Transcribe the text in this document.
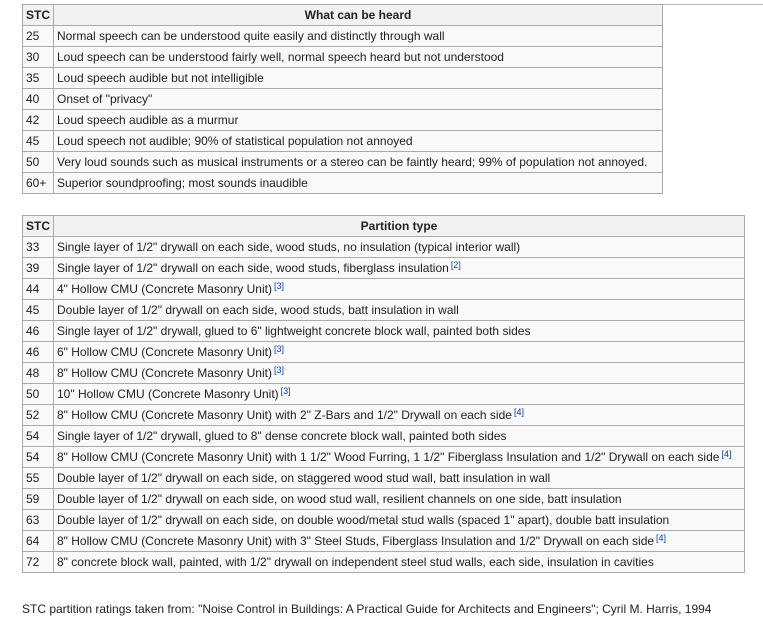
STC	What can be heard
25	Normal speech can be understood quite easily and distinctly through wall
30	Loud speech can be understood fairly well, normal speech heard but not understood
35	Loud speech audible but not intelligible
40	Onset of "privacy"
42	Loud speech audible as a murmur
45	Loud speech not audible; 90% of statistical population not annoyed
50	Very loud sounds such as musical instruments or a stereo can be faintly heard; 99% of population not annoyed.
60+	Superior soundproofing; most sounds inaudible
STC	Partition type
33	Single layer of 1/2" drywall on each side, wood studs, no insulation (typical interior wall)
39	Single layer of 1/2" drywall on each side, wood studs, fiberglass insulation [2]
44	4" Hollow CMU (Concrete Masonry Unit) [3]
45	Double layer of 1/2" drywall on each side, wood studs, batt insulation in wall
46	Single layer of 1/2" drywall, glued to 6" lightweight concrete block wall, painted both sides
46	6" Hollow CMU (Concrete Masonry Unit) [3]
48	8" Hollow CMU (Concrete Masonry Unit) [3]
50	10" Hollow CMU (Concrete Masonry Unit) [3]
52	8" Hollow CMU (Concrete Masonry Unit) with 2" Z-Bars and 1/2" Drywall on each side [4]
54	Single layer of 1/2" drywall, glued to 8" dense concrete block wall, painted both sides
54	8" Hollow CMU (Concrete Masonry Unit) with 1 1/2" Wood Furring, 1 1/2" Fiberglass Insulation and 1/2" Drywall on each side [4]
55	Double layer of 1/2" drywall on each side, on staggered wood stud wall, batt insulation in wall
59	Double layer of 1/2" drywall on each side, on wood stud wall, resilient channels on one side, batt insulation
63	Double layer of 1/2" drywall on each side, on double wood/metal stud walls (spaced 1" apart), double batt insulation
64	8" Hollow CMU (Concrete Masonry Unit) with 3" Steel Studs, Fiberglass Insulation and 1/2" Drywall on each side [4]
72	8" concrete block wall, painted, with 1/2" drywall on independent steel stud walls, each side, insulation in cavities
STC partition ratings taken from: "Noise Control in Buildings: A Practical Guide for Architects and Engineers"; Cyril M. Harris, 1994
